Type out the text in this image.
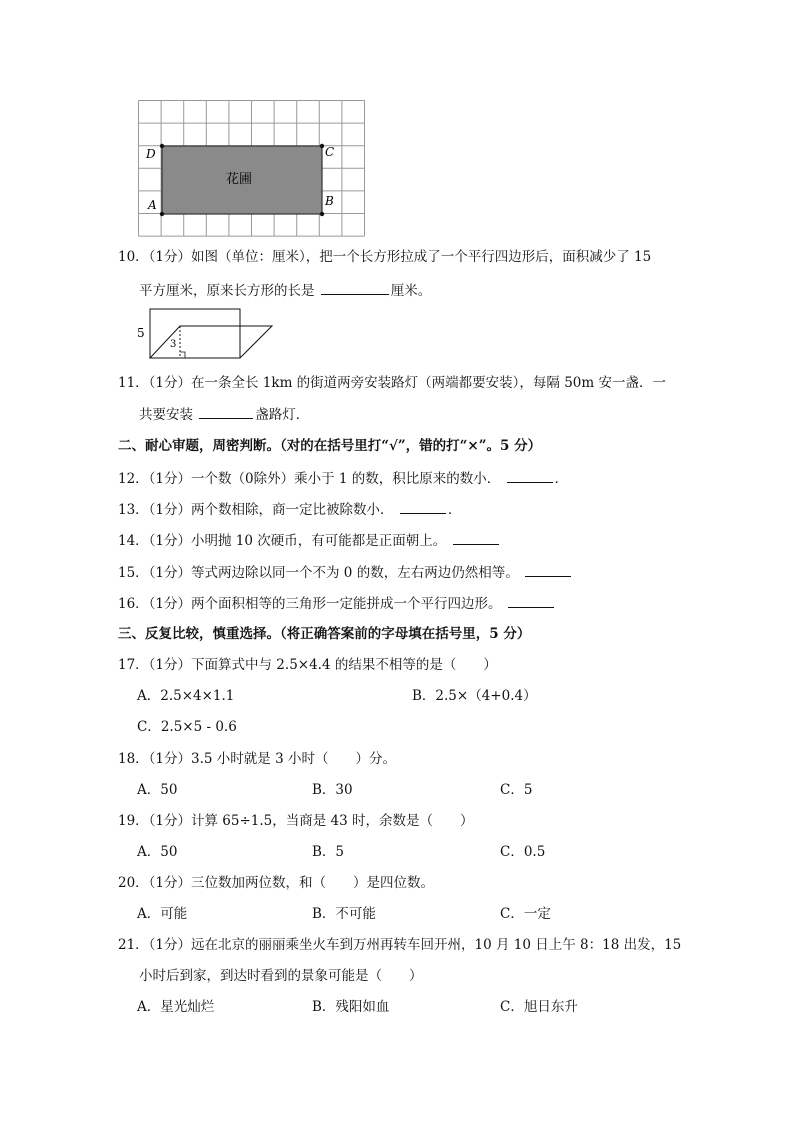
D	C
B
A
花圃
10．（1分）如图（单位：厘米），把一个长方形拉成了一个平行四边形后，面积减少了 15
平方厘米，原来长方形的长是	厘米。
5
3
11．（1分）在一条全长 1km 的街道两旁安装路灯（两端都要安装），每隔 50m 安一盏．一
共要安装	盏路灯．
二、耐心审题，周密判断。（对的在括号里打“√”，错的打“×”。5 分）
12．（1分）一个数（0除外）乘小于 1 的数，积比原来的数小．	．
13．（1分）两个数相除，商一定比被除数小．	．
14．（1分）小明抛 10 次硬币，有可能都是正面朝上。
15．（1分）等式两边除以同一个不为 0 的数，左右两边仍然相等。
16．（1分）两个面积相等的三角形一定能拼成一个平行四边形。
三、反复比较，慎重选择。（将正确答案前的字母填在括号里，5 分）
17．（1分）下面算式中与 2.5×4.4 的结果不相等的是（　　）
A．2.5×4×1.1	B．2.5×（4+0.4）
C．2.5×5 - 0.6
18．（1分）3.5 小时就是 3 小时（　　）分。
A．50	B．30	C．5
19．（1分）计算 65÷1.5，当商是 43 时，余数是（　　）
A．50	B．5	C．0.5
20．（1分）三位数加两位数，和（　　）是四位数。
A．可能	B．不可能	C．一定
21．（1分）远在北京的丽丽乘坐火车到万州再转车回开州，10 月 10 日上午 8：18 出发，15
小时后到家，到达时看到的景象可能是（　　）
A．星光灿烂	B．残阳如血	C．旭日东升
